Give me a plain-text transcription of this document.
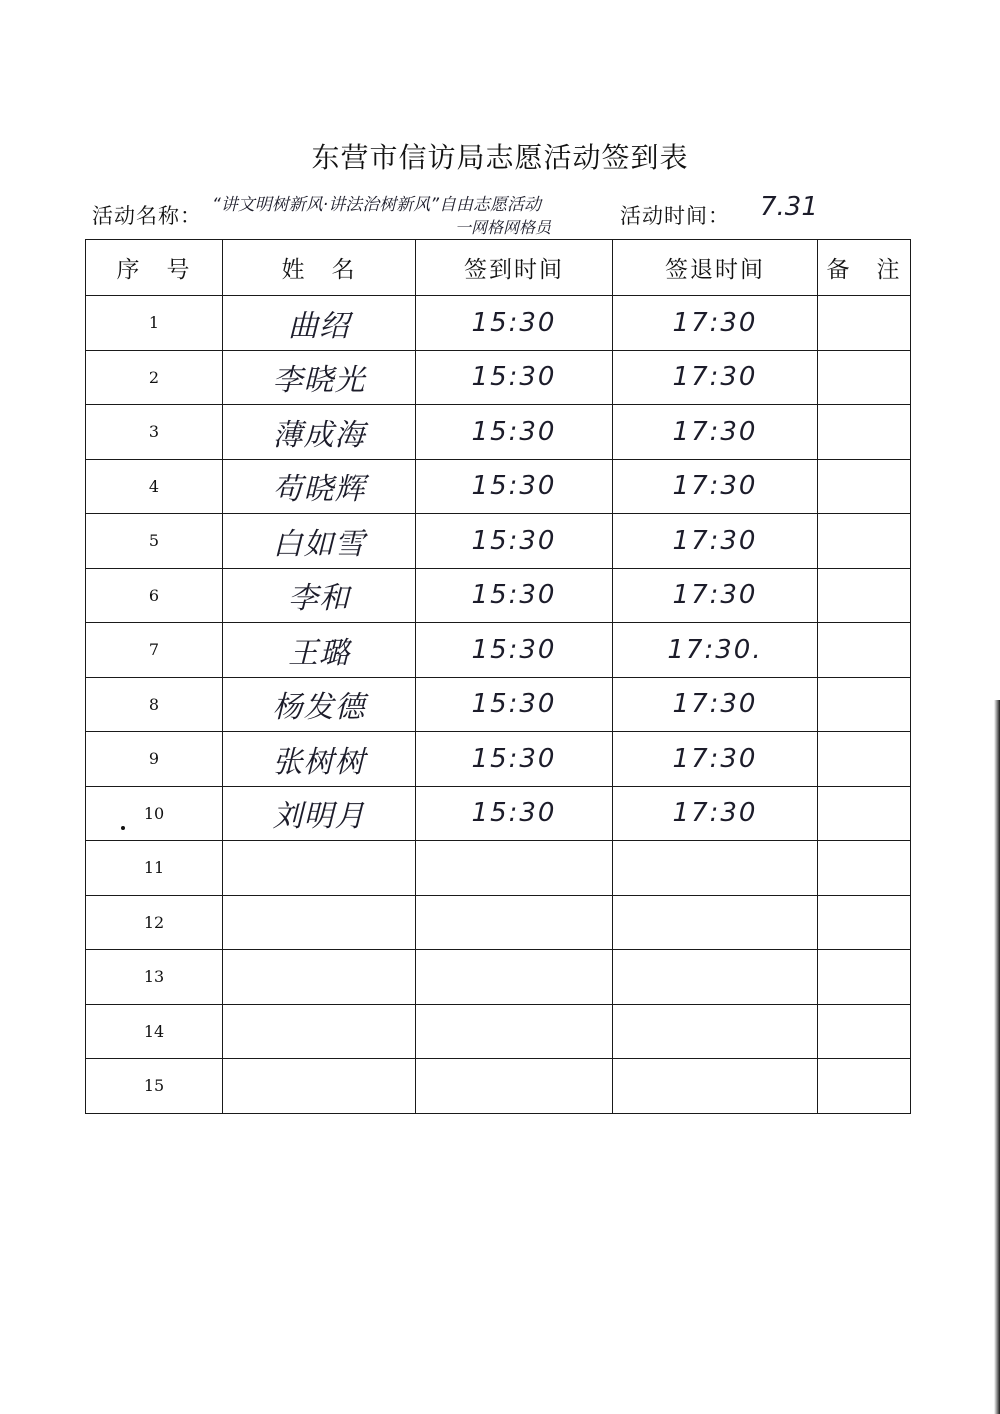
东营市信访局志愿活动签到表
活动名称： “讲文明树新风·讲法治树新风”自由志愿活动
一网格网格员	活动时间： 7.31
序　号	姓　名	签到时间	签退时间	备　注
1	曲绍	15:30	17:30	
2	李晓光	15:30	17:30	
3	薄成海	15:30	17:30	
4	苟晓辉	15:30	17:30	
5	白如雪	15:30	17:30	
6	李和	15:30	17:30	
7	王璐	15:30	17:30.	
8	杨发德	15:30	17:30	
9	张树树	15:30	17:30	
10	刘明月	15:30	17:30	
11				
12				
13				
14				
15				
